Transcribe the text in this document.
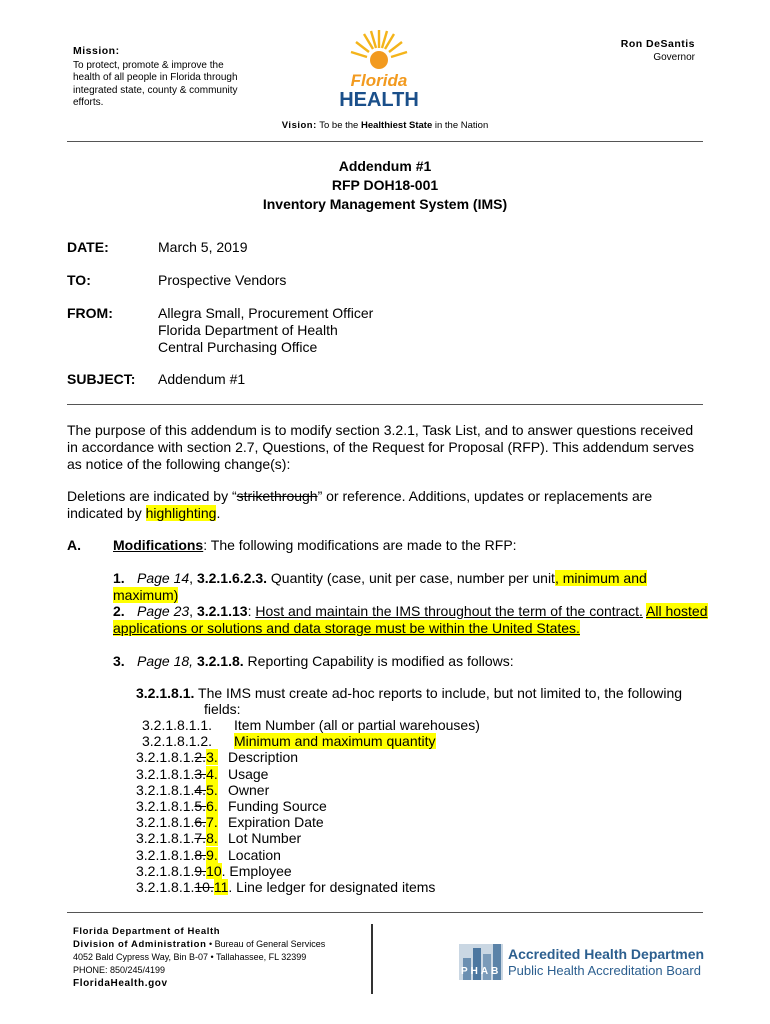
Mission:
To protect, promote & improve the health of all people in Florida through integrated state, county & community efforts.
Florida
HEALTH
Ron DeSantis
Governor
Vision: To be the Healthiest State in the Nation
Addendum #1
RFP DOH18-001
Inventory Management System (IMS)
DATE:	March 5, 2019
TO:	Prospective Vendors
FROM:	Allegra Small, Procurement Officer
Florida Department of Health
Central Purchasing Office
SUBJECT: Addendum #1
The purpose of this addendum is to modify section 3.2.1, Task List, and to answer questions received in accordance with section 2.7, Questions, of the Request for Proposal (RFP). This addendum serves as notice of the following change(s):
Deletions are indicated by “strikethrough” or reference. Additions, updates or replacements are indicated by highlighting.
A. Modifications: The following modifications are made to the RFP:
1. Page 14, 3.2.1.6.2.3. Quantity (case, unit per case, number per unit, minimum and maximum)
2. Page 23, 3.2.1.13: Host and maintain the IMS throughout the term of the contract. All hosted applications or solutions and data storage must be within the United States.
3. Page 18, 3.2.1.8. Reporting Capability is modified as follows:
3.2.1.8.1. The IMS must create ad-hoc reports to include, but not limited to, the following
fields:
3.2.1.8.1.1.	Item Number (all or partial warehouses)
3.2.1.8.1.2.	Minimum and maximum quantity
3.2.1.8.1.2.3. Description
3.2.1.8.1.3.4. Usage
3.2.1.8.1.4.5. Owner
3.2.1.8.1.5.6. Funding Source
3.2.1.8.1.6.7. Expiration Date
3.2.1.8.1.7.8. Lot Number
3.2.1.8.1.8.9. Location
3.2.1.8.1.9.10 . Employee
3.2.1.8.1.10.11 . Line ledger for designated items
Florida Department of Health
Division of Administration • Bureau of General Services
4052 Bald Cypress Way, Bin B-07 • Tallahassee, FL 32399
PHONE: 850/245/4199
FloridaHealth.gov
PHAB
Accredited Health Department
Public Health Accreditation Board
